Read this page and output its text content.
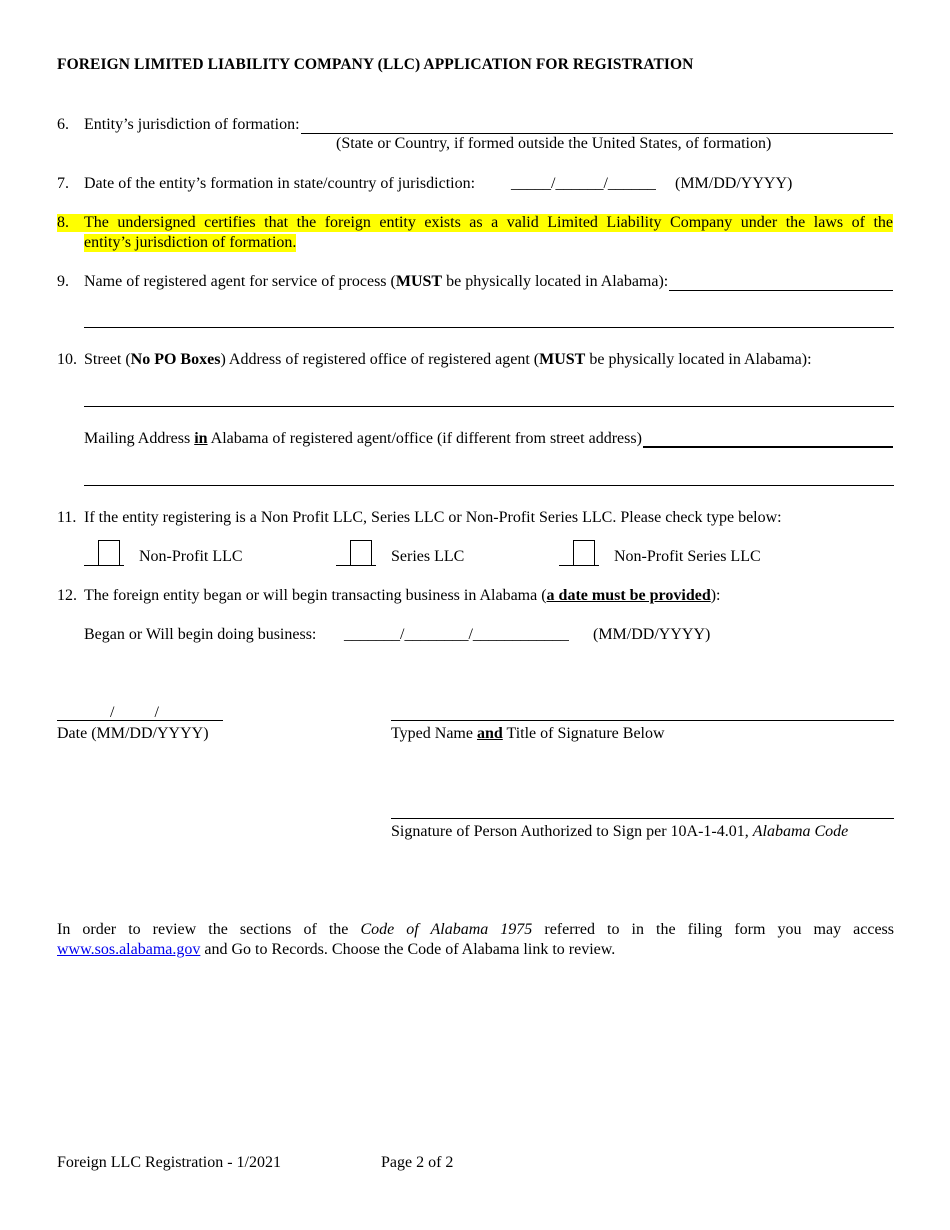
FOREIGN LIMITED LIABILITY COMPANY (LLC) APPLICATION FOR REGISTRATION
6. Entity’s jurisdiction of formation:
(State or Country, if formed outside the United States, of formation)
7. Date of the entity’s formation in state/country of jurisdiction: _____/______/______ (MM/DD/YYYY)
8. The undersigned certifies that the foreign entity exists as a valid Limited Liability Company under the laws of the
entity’s jurisdiction of formation.
9. Name of registered agent for service of process (MUST be physically located in Alabama):
10. Street (No PO Boxes) Address of registered office of registered agent (MUST be physically located in Alabama):
Mailing Address in Alabama of registered agent/office (if different from street address)
11. If the entity registering is a Non Profit LLC, Series LLC or Non-Profit Series LLC. Please check type below:
Non-Profit LLC	Series LLC	Non-Profit Series LLC
12. The foreign entity began or will begin transacting business in Alabama (a date must be provided):
Began or Will begin doing business: _______/________/____________ (MM/DD/YYYY)
/          /
Date (MM/DD/YYYY)	Typed Name and Title of Signature Below
Signature of Person Authorized to Sign per 10A-1-4.01, Alabama Code
In order to review the sections of the Code of Alabama 1975 referred to in the filing form you may access
www.sos.alabama.gov and Go to Records. Choose the Code of Alabama link to review.
Foreign LLC Registration - 1/2021	Page 2 of 2
